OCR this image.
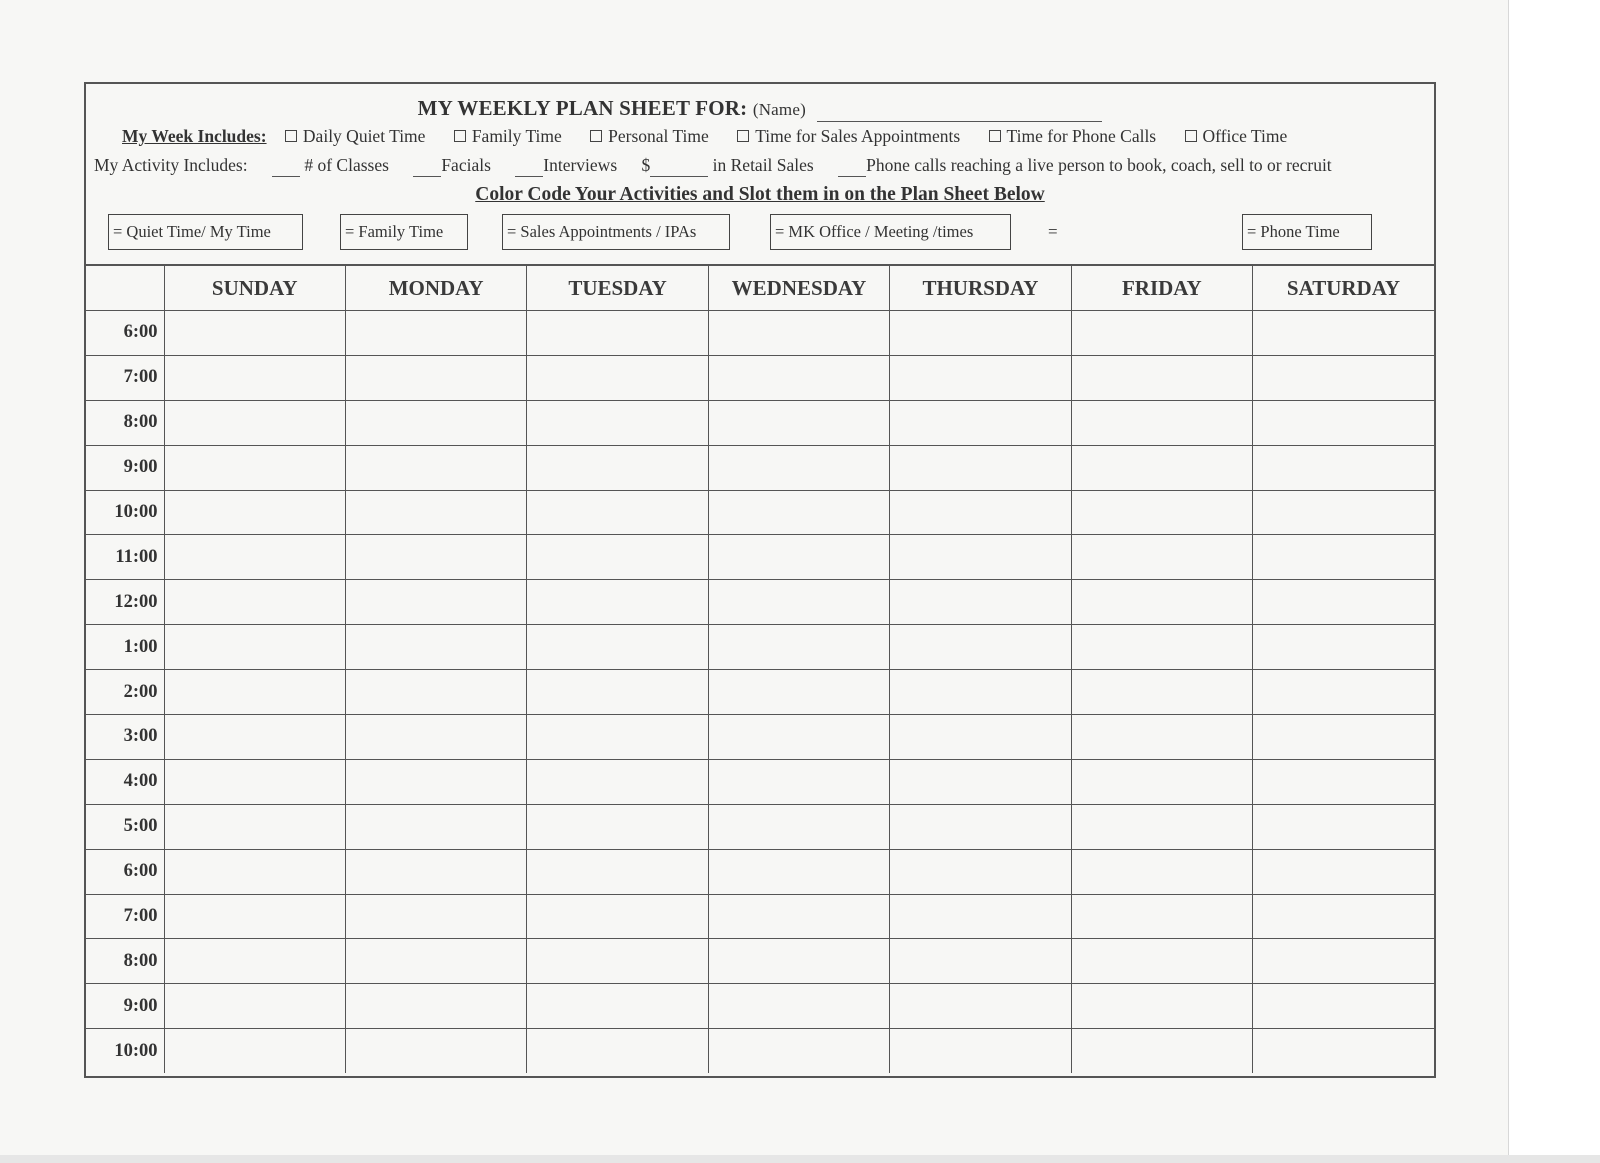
MY WEEKLY PLAN SHEET FOR: (Name)
My Week Includes: Daily Quiet Time	Family Time	Personal Time	Time for Sales Appointments	Time for Phone Calls	Office Time
My Activity Includes:	# of Classes	Facials	Interviews $	in Retail Sales	Phone calls reaching a live person to book, coach, sell to or recruit
Color Code Your Activities and Slot them in on the Plan Sheet Below
= Quiet Time/ My Time	= Family Time	= Sales Appointments / IPAs	= MK Office / Meeting /times	=	= Phone Time
	SUNDAY	MONDAY	TUESDAY	WEDNESDAY	THURSDAY	FRIDAY	SATURDAY
6:00							
7:00							
8:00							
9:00							
10:00							
11:00							
12:00							
1:00							
2:00							
3:00							
4:00							
5:00							
6:00							
7:00							
8:00							
9:00							
10:00							
